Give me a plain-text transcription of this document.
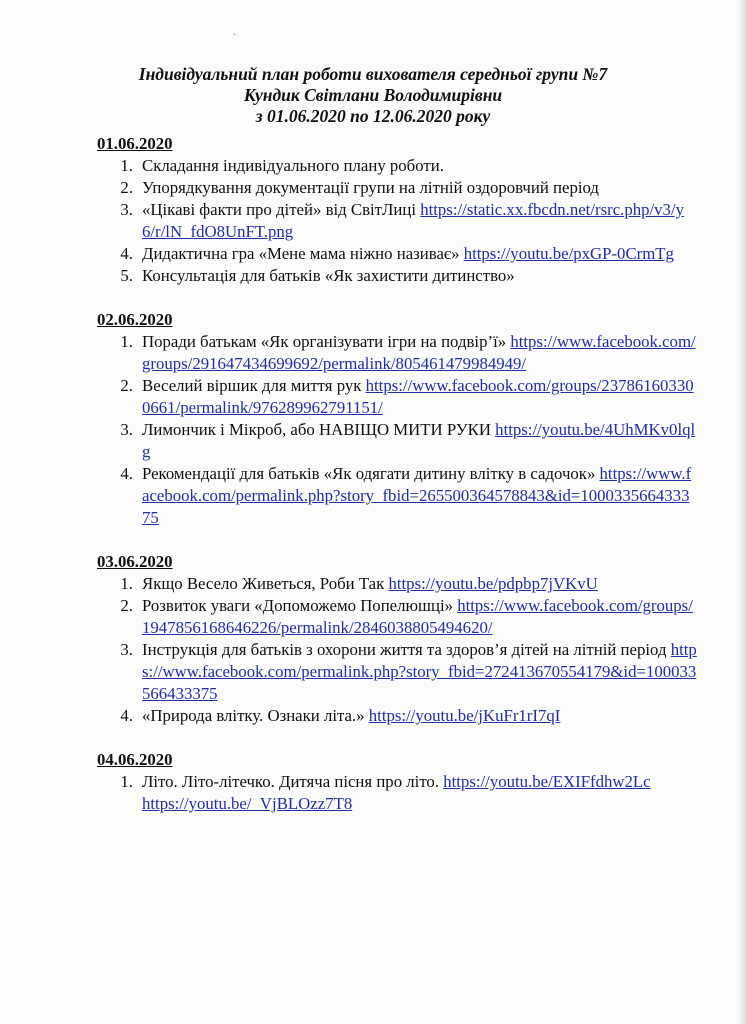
·
Індивідуальний план роботи вихователя середньої групи №7
Кундик Світлани Володимирівни
з 01.06.2020 по 12.06.2020 року
01.06.2020
1. Складання індивідуального плану роботи.
2. Упорядкування документації групи на літній оздоровчий період
3. «Цікаві факти про дітей» від СвітЛиці https://static.xx.fbcdn.net/rsrc.php/v3/y6/r/lN_fdO8UnFT.png
4. Дидактична гра «Мене мама ніжно називає» https://youtu.be/pxGP-0CrmTg
5. Консультація для батьків «Як захистити дитинство»
02.06.2020
1. Поради батькам «Як організувати ігри на подвір’ї» https://www.facebook.com/groups/291647434699692/permalink/805461479984949/
2. Веселий віршик для миття рук https://www.facebook.com/groups/237861603300661/permalink/976289962791151/
3. Лимончик і Мікроб, або НАВІЩО МИТИ РУКИ https://youtu.be/4UhMKv0lqlg
4. Рекомендації для батьків «Як одягати дитину влітку в садочок» https://www.facebook.com/permalink.php?story_fbid=265500364578843&id=100033566433375
03.06.2020
1. Якщо Весело Живеться, Роби Так https://youtu.be/pdpbp7jVKvU
2. Розвиток уваги «Допоможемо Попелюшці» https://www.facebook.com/groups/1947856168646226/permalink/2846038805494620/
3. Інструкція для батьків з охорони життя та здоров’я дітей на літній період https://www.facebook.com/permalink.php?story_fbid=272413670554179&id=100033566433375
4. «Природа влітку. Ознаки літа.» https://youtu.be/jKuFr1rI7qI
04.06.2020
1. Літо. Літо-літечко. Дитяча пісня про літо. https://youtu.be/EXIFfdhw2Lc https://youtu.be/_VjBLOzz7T8
